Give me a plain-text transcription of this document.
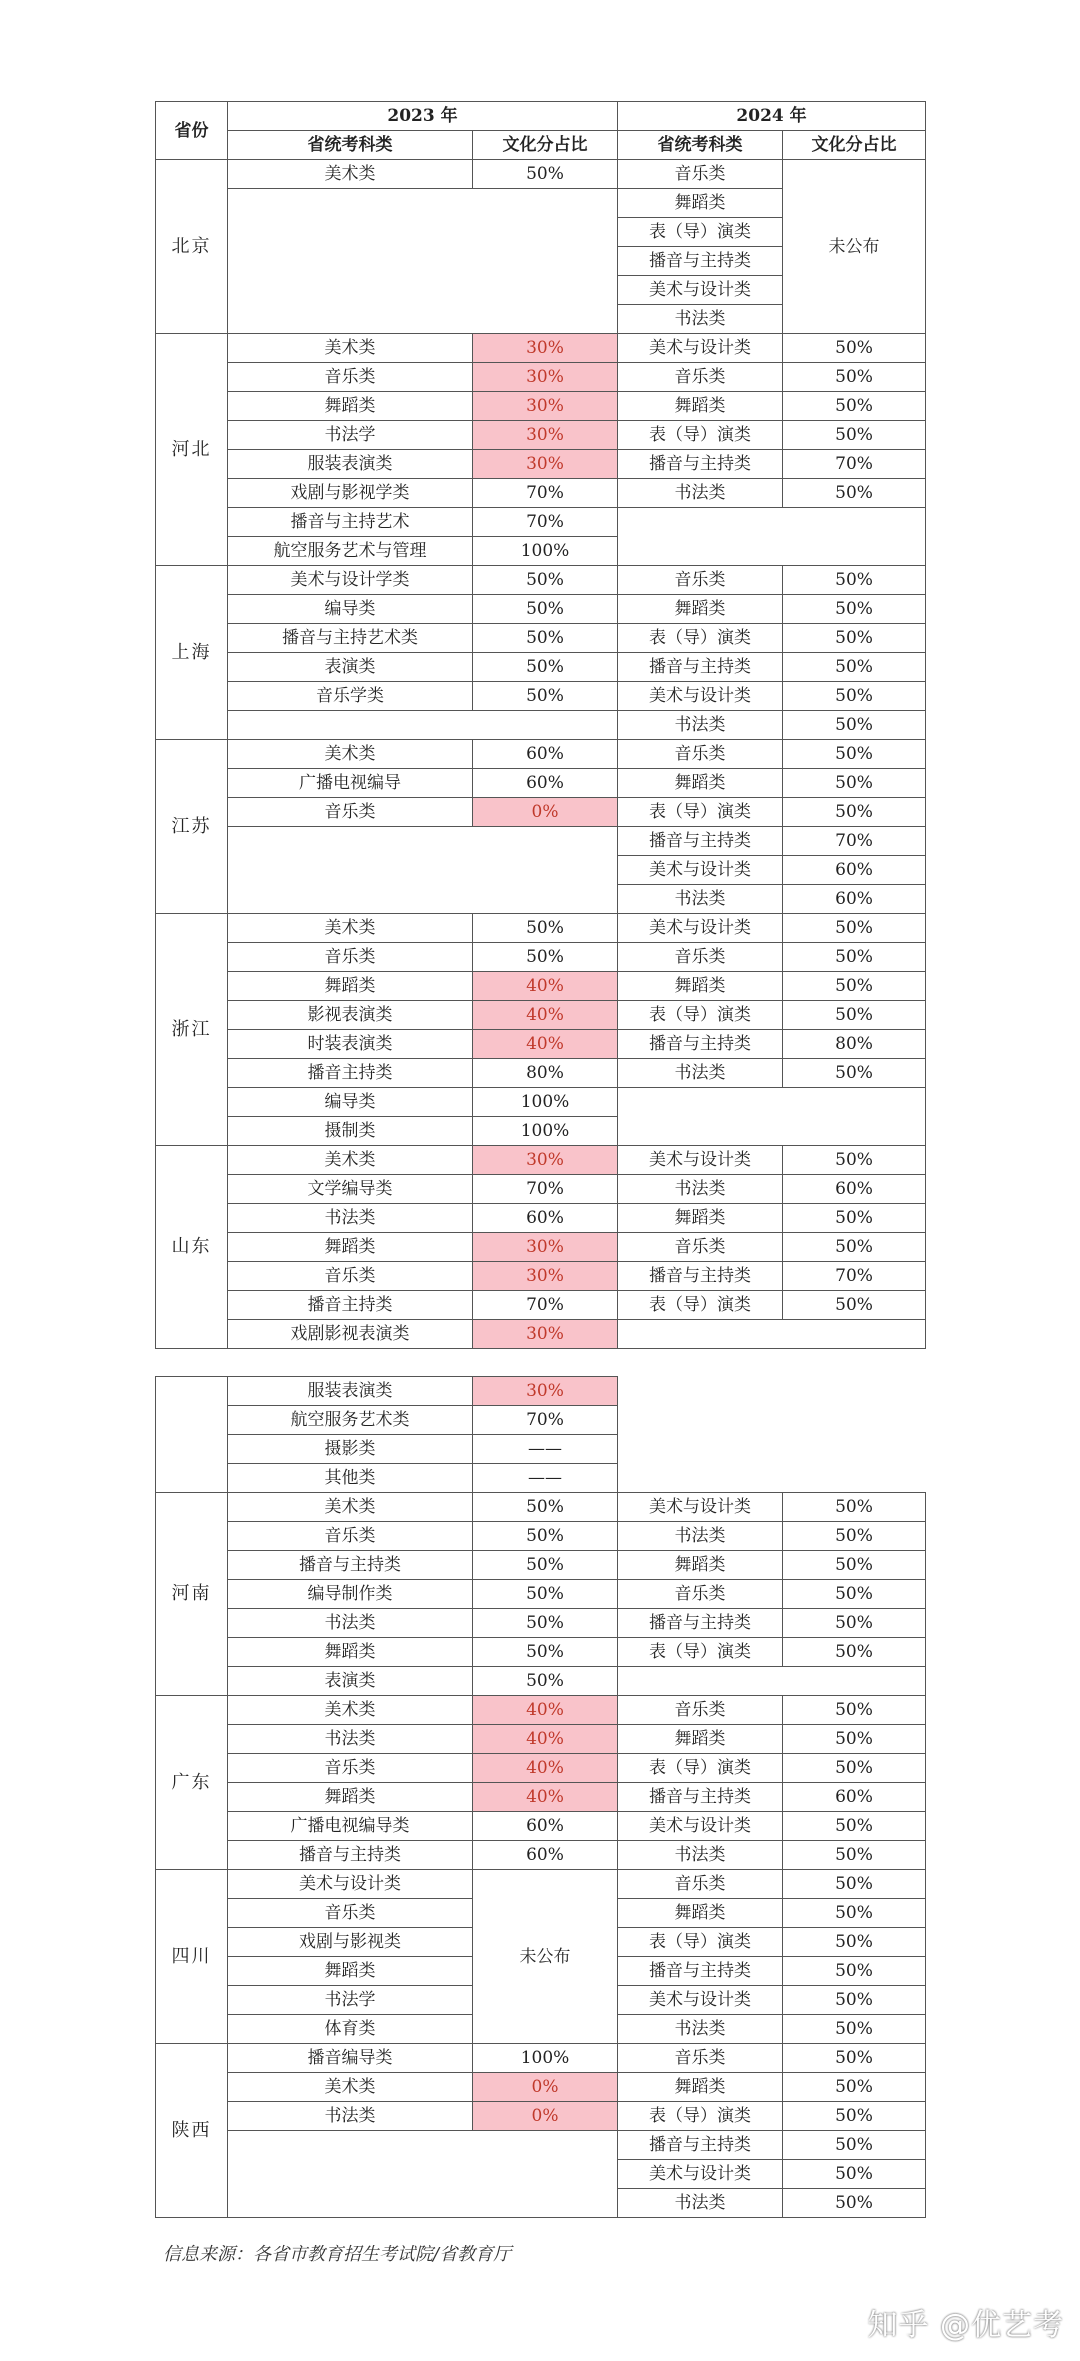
省份	2023 年		2024 年	
	省统考科类	文化分占比	省统考科类	文化分占比
北京	美术类	50%	音乐类	未公布
			舞蹈类	
			表（导）演类	
			播音与主持类	
			美术与设计类	
			书法类	
河北	美术类	30%	美术与设计类	50%
	音乐类	30%	音乐类	50%
	舞蹈类	30%	舞蹈类	50%
	书法学	30%	表（导）演类	50%
	服装表演类	30%	播音与主持类	70%
	戏剧与影视学类	70%	书法类	50%
	播音与主持艺术	70%		
	航空服务艺术与管理	100%		
上海	美术与设计学类	50%	音乐类	50%
	编导类	50%	舞蹈类	50%
	播音与主持艺术类	50%	表（导）演类	50%
	表演类	50%	播音与主持类	50%
	音乐学类	50%	美术与设计类	50%
			书法类	50%
江苏	美术类	60%	音乐类	50%
	广播电视编导	60%	舞蹈类	50%
	音乐类	0%	表（导）演类	50%
			播音与主持类	70%
			美术与设计类	60%
			书法类	60%
浙江	美术类	50%	美术与设计类	50%
	音乐类	50%	音乐类	50%
	舞蹈类	40%	舞蹈类	50%
	影视表演类	40%	表（导）演类	50%
	时装表演类	40%	播音与主持类	80%
	播音主持类	80%	书法类	50%
	编导类	100%		
	摄制类	100%		
山东	美术类	30%	美术与设计类	50%
	文学编导类	70%	书法类	60%
	书法类	60%	舞蹈类	50%
	舞蹈类	30%	音乐类	50%
	音乐类	30%	播音与主持类	70%
	播音主持类	70%	表（导）演类	50%
	戏剧影视表演类	30%		
	服装表演类	30%		
	航空服务艺术类	70%		
	摄影类	——		
	其他类	——		
河南	美术类	50%	美术与设计类	50%
	音乐类	50%	书法类	50%
	播音与主持类	50%	舞蹈类	50%
	编导制作类	50%	音乐类	50%
	书法类	50%	播音与主持类	50%
	舞蹈类	50%	表（导）演类	50%
	表演类	50%		
广东	美术类	40%	音乐类	50%
	书法类	40%	舞蹈类	50%
	音乐类	40%	表（导）演类	50%
	舞蹈类	40%	播音与主持类	60%
	广播电视编导类	60%	美术与设计类	50%
	播音与主持类	60%	书法类	50%
四川	美术与设计类	未公布	音乐类	50%
	音乐类		舞蹈类	50%
	戏剧与影视类		表（导）演类	50%
	舞蹈类		播音与主持类	50%
	书法学		美术与设计类	50%
	体育类		书法类	50%
陕西	播音编导类	100%	音乐类	50%
	美术类	0%	舞蹈类	50%
	书法类	0%	表（导）演类	50%
			播音与主持类	50%
			美术与设计类	50%
			书法类	50%
信息来源：各省市教育招生考试院/省教育厅
知乎 @优艺考
